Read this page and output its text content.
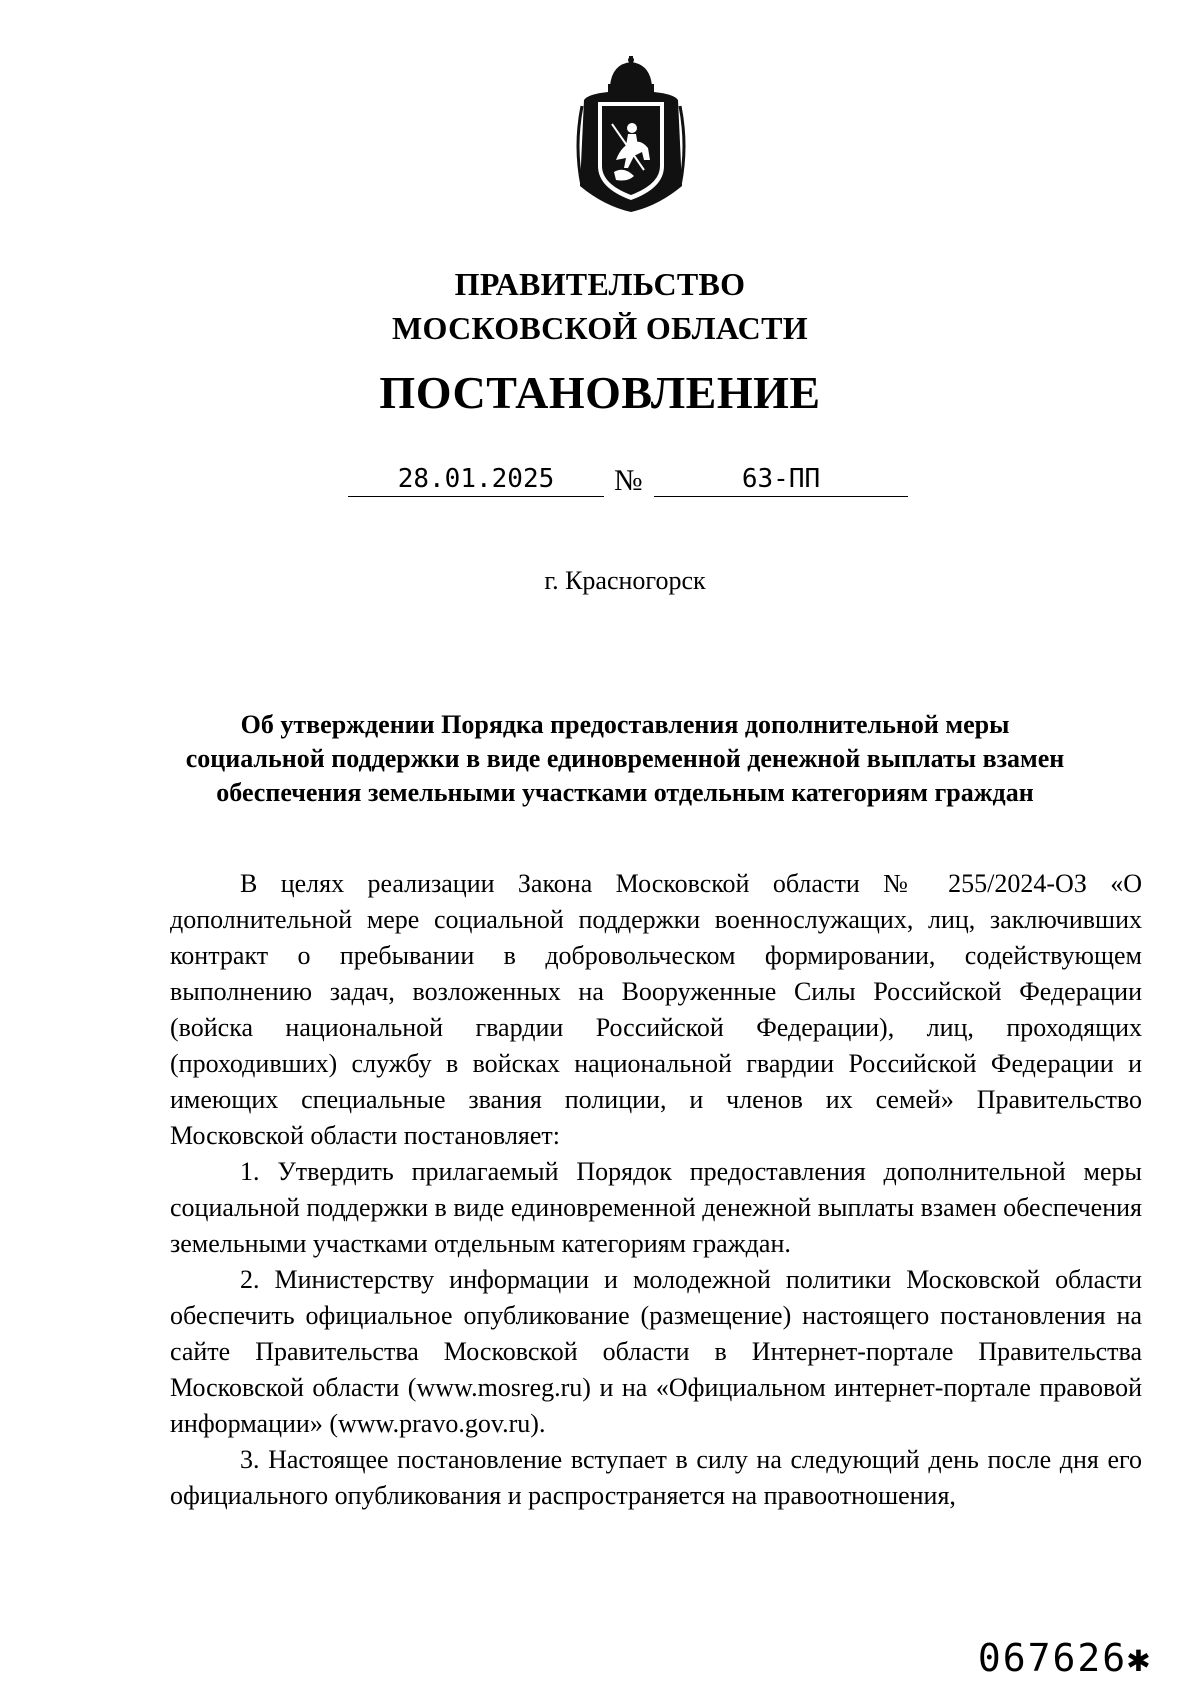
ПРАВИТЕЛЬСТВО
МОСКОВСКОЙ ОБЛАСТИ
ПОСТАНОВЛЕНИЕ
28.01.2025	№	63-ПП
г. Красногорск
Об утверждении Порядка предоставления дополнительной меры
социальной поддержки в виде единовременной денежной выплаты взамен
обеспечения земельными участками отдельным категориям граждан

В целях реализации Закона Московской области № 255/2024-ОЗ «О дополнительной мере социальной поддержки военнослужащих, лиц, заключивших контракт о пребывании в добровольческом формировании, содействующем выполнению задач, возложенных на Вооруженные Силы Российской Федерации (войска национальной гвардии Российской Федерации), лиц, проходящих (проходивших) службу в войсках национальной гвардии Российской Федерации и имеющих специальные звания полиции, и членов их семей» Правительство Московской области постановляет:

1. Утвердить прилагаемый Порядок предоставления дополнительной меры социальной поддержки в виде единовременной денежной выплаты взамен обеспечения земельными участками отдельным категориям граждан.

2. Министерству информации и молодежной политики Московской области обеспечить официальное опубликование (размещение) настоящего постановления на сайте Правительства Московской области в Интернет-портале Правительства Московской области (www.mosreg.ru) и на «Официальном интернет-портале правовой информации» (www.pravo.gov.ru).

3. Настоящее постановление вступает в силу на следующий день после дня его официального опубликования и распространяется на правоотношения,

067626✱
